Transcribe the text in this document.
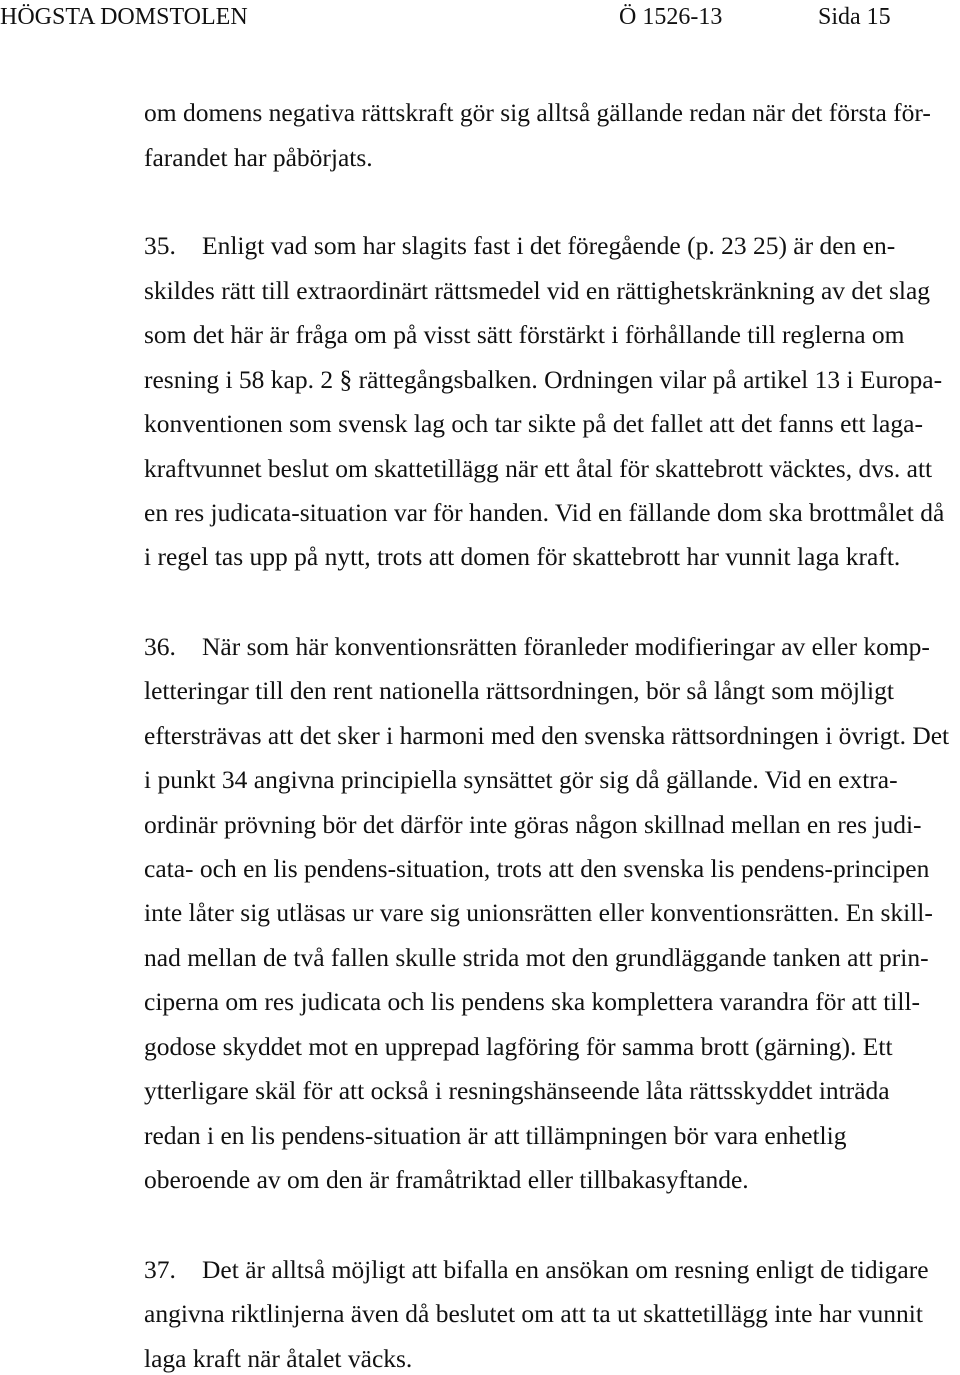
HÖGSTA DOMSTOLEN	Ö 1526-13	Sida 15
om domens negativa rättskraft gör sig alltså gällande redan när det första för-
farandet har påbörjats.
35.	Enligt vad som har slagits fast i det föregående (p. 23 25) är den en-
skildes rätt till extraordinärt rättsmedel vid en rättighetskränkning av det slag
som det här är fråga om på visst sätt förstärkt i förhållande till reglerna om
resning i 58 kap. 2 § rättegångsbalken. Ordningen vilar på artikel 13 i Europa-
konventionen som svensk lag och tar sikte på det fallet att det fanns ett laga-
kraftvunnet beslut om skattetillägg när ett åtal för skattebrott väcktes, dvs. att
en res judicata-situation var för handen. Vid en fällande dom ska brottmålet då
i regel tas upp på nytt, trots att domen för skattebrott har vunnit laga kraft.
36.	När som här konventionsrätten föranleder modifieringar av eller komp-
letteringar till den rent nationella rättsordningen, bör så långt som möjligt
eftersträvas att det sker i harmoni med den svenska rättsordningen i övrigt. Det
i punkt 34 angivna principiella synsättet gör sig då gällande. Vid en extra-
ordinär prövning bör det därför inte göras någon skillnad mellan en res judi-
cata- och en lis pendens-situation, trots att den svenska lis pendens-principen
inte låter sig utläsas ur vare sig unionsrätten eller konventionsrätten. En skill-
nad mellan de två fallen skulle strida mot den grundläggande tanken att prin-
ciperna om res judicata och lis pendens ska komplettera varandra för att till-
godose skyddet mot en upprepad lagföring för samma brott (gärning). Ett
ytterligare skäl för att också i resningshänseende låta rättsskyddet inträda
redan i en lis pendens-situation är att tillämpningen bör vara enhetlig
oberoende av om den är framåtriktad eller tillbakasyftande.
37.	Det är alltså möjligt att bifalla en ansökan om resning enligt de tidigare
angivna riktlinjerna även då beslutet om att ta ut skattetillägg inte har vunnit
laga kraft när åtalet väcks.
